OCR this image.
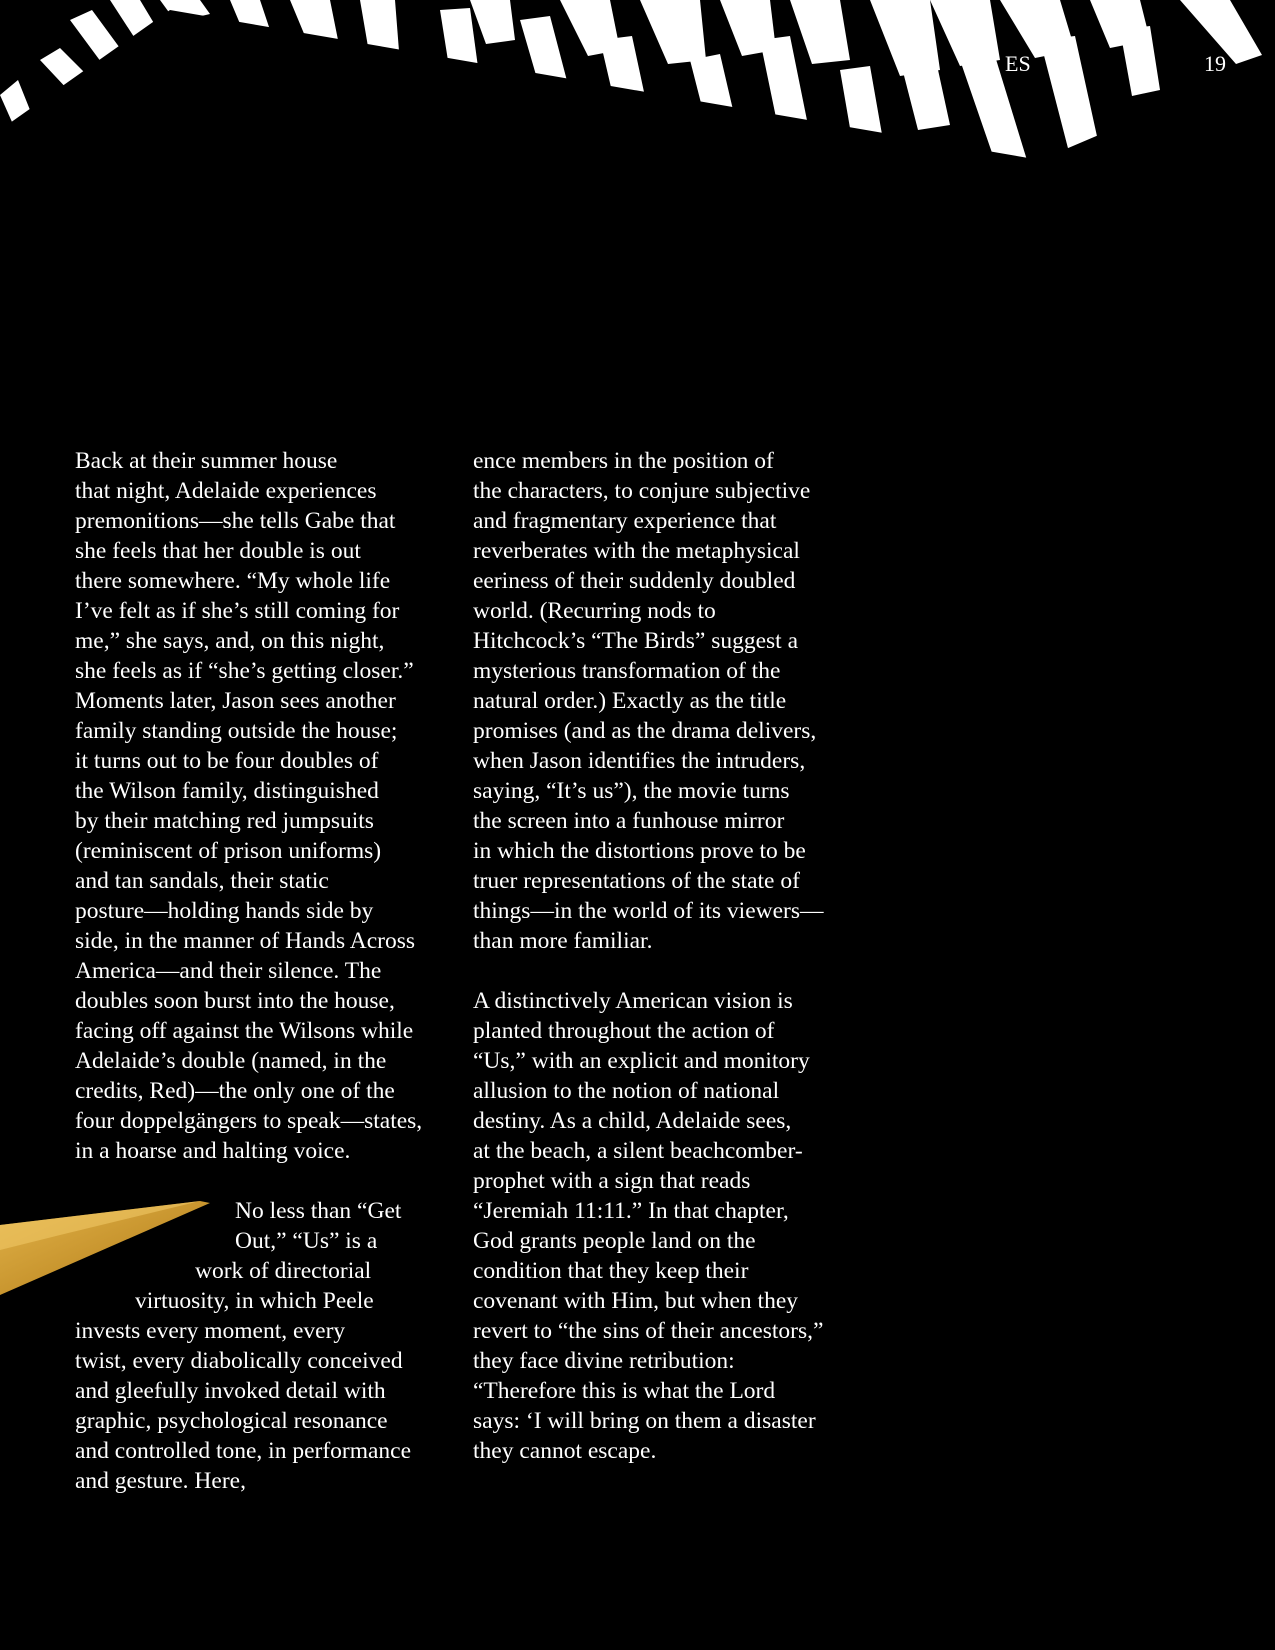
ES	19
Back at their summer house
that night, Adelaide experiences
premonitions—she tells Gabe that
she feels that her double is out
there somewhere. “My whole life
I’ve felt as if she’s still coming for
me,” she says, and, on this night,
she feels as if “she’s getting closer.”
Moments later, Jason sees another
family standing outside the house;
it turns out to be four doubles of
the Wilson family, distinguished
by their matching red jumpsuits
(reminiscent of prison uniforms)
and tan sandals, their static
posture—holding hands side by
side, in the manner of Hands Across
America—and their silence. The
doubles soon burst into the house,
facing off against the Wilsons while
Adelaide’s double (named, in the
credits, Red)—the only one of the
four doppelgängers to speak—states,
in a hoarse and halting voice.
No less than “Get
Out,” “Us” is a
work of directorial
virtuosity, in which Peele
invests every moment, every
twist, every diabolically conceived
and gleefully invoked detail with
graphic, psychological resonance
and controlled tone, in performance
and gesture. Here,
ence members in the position of
the characters, to conjure subjective
and fragmentary experience that
reverberates with the metaphysical
eeriness of their suddenly doubled
world. (Recurring nods to
Hitchcock’s “The Birds” suggest a
mysterious transformation of the
natural order.) Exactly as the title
promises (and as the drama delivers,
when Jason identifies the intruders,
saying, “It’s us”), the movie turns
the screen into a funhouse mirror
in which the distortions prove to be
truer representations of the state of
things—in the world of its viewers—
than more familiar.
A distinctively American vision is
planted throughout the action of
“Us,” with an explicit and monitory
allusion to the notion of national
destiny. As a child, Adelaide sees,
at the beach, a silent beachcomber-
prophet with a sign that reads
“Jeremiah 11:11.” In that chapter,
God grants people land on the
condition that they keep their
covenant with Him, but when they
revert to “the sins of their ancestors,”
they face divine retribution:
“Therefore this is what the Lord
says: ‘I will bring on them a disaster
they cannot escape.
